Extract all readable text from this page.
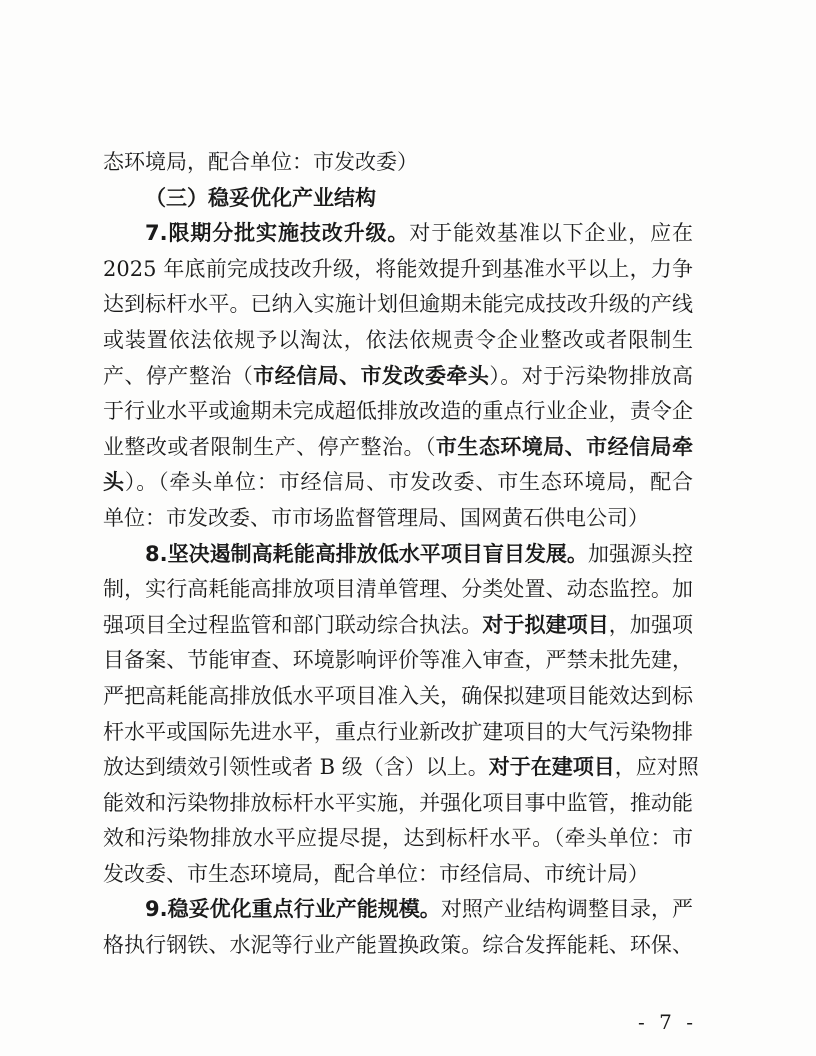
态环境局，配合单位：市发改委）
（三）稳妥优化产业结构
7.限期分批实施技改升级。对于能效基准以下企业，应在
2025 年底前完成技改升级，将能效提升到基准水平以上，力争
达到标杆水平。已纳入实施计划但逾期未能完成技改升级的产线
或装置依法依规予以淘汰，依法依规责令企业整改或者限制生
产、停产整治（市经信局、市发改委牵头）。对于污染物排放高
于行业水平或逾期未完成超低排放改造的重点行业企业，责令企
业整改或者限制生产、停产整治。（市生态环境局、市经信局牵
头）。（牵头单位：市经信局、市发改委、市生态环境局，配合
单位：市发改委、市市场监督管理局、国网黄石供电公司）
8.坚决遏制高耗能高排放低水平项目盲目发展。加强源头控
制，实行高耗能高排放项目清单管理、分类处置、动态监控。加
强项目全过程监管和部门联动综合执法。对于拟建项目，加强项
目备案、节能审查、环境影响评价等准入审查，严禁未批先建，
严把高耗能高排放低水平项目准入关，确保拟建项目能效达到标
杆水平或国际先进水平，重点行业新改扩建项目的大气污染物排
放达到绩效引领性或者 B 级（含）以上。对于在建项目，应对照
能效和污染物排放标杆水平实施，并强化项目事中监管，推动能
效和污染物排放水平应提尽提，达到标杆水平。（牵头单位：市
发改委、市生态环境局，配合单位：市经信局、市统计局）
9.稳妥优化重点行业产能规模。对照产业结构调整目录，严
格执行钢铁、水泥等行业产能置换政策。综合发挥能耗、环保、
- 7 -
